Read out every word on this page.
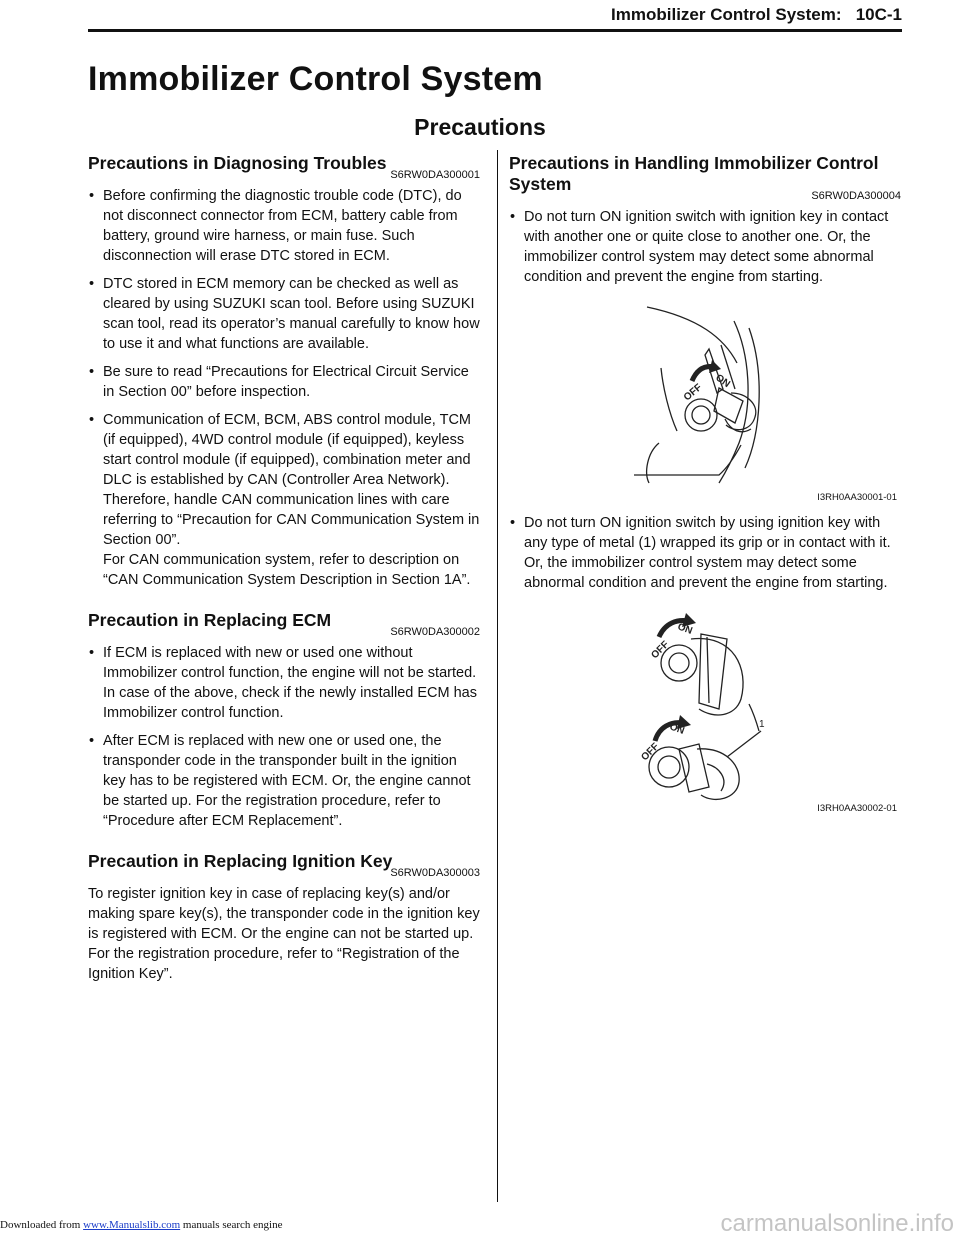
Immobilizer Control System: 10C-1
Immobilizer Control System
Precautions
Precautions in Diagnosing Troubles
S6RW0DA300001
• Before confirming the diagnostic trouble code (DTC), do not disconnect connector from ECM, battery cable from battery, ground wire harness, or main fuse. Such disconnection will erase DTC stored in ECM.
• DTC stored in ECM memory can be checked as well as cleared by using SUZUKI scan tool. Before using SUZUKI scan tool, read its operator’s manual carefully to know how to use it and what functions are available.
• Be sure to read “Precautions for Electrical Circuit Service in Section 00” before inspection.
• Communication of ECM, BCM, ABS control module, TCM (if equipped), 4WD control module (if equipped), keyless start control module (if equipped), combination meter and DLC is established by CAN (Controller Area Network). Therefore, handle CAN communication lines with care referring to “Precaution for CAN Communication System in Section 00”.
For CAN communication system, refer to description on “CAN Communication System Description in Section 1A”.
Precaution in Replacing ECM
S6RW0DA300002
• If ECM is replaced with new or used one without Immobilizer control function, the engine will not be started. In case of the above, check if the newly installed ECM has Immobilizer control function.
• After ECM is replaced with new one or used one, the transponder code in the transponder built in the ignition key has to be registered with ECM. Or, the engine cannot be started up. For the registration procedure, refer to “Procedure after ECM Replacement”.
Precaution in Replacing Ignition Key
S6RW0DA300003

To register ignition key in case of replacing key(s) and/or making spare key(s), the transponder code in the ignition key is registered with ECM. Or the engine can not be started up. For the registration procedure, refer to “Registration of the Ignition Key”.

Precautions in Handling Immobilizer Control System
S6RW0DA300004
• Do not turn ON ignition switch with ignition key in contact with another one or quite close to another one. Or, the immobilizer control system may detect some abnormal condition and prevent the engine from starting.
OFF
ON
I3RH0AA30001-01
• Do not turn ON ignition switch by using ignition key with any type of metal (1) wrapped its grip or in contact with it. Or, the immobilizer control system may detect some abnormal condition and prevent the engine from starting.
OFF
ON
OFF
ON	1
I3RH0AA30002-01
Downloaded from www.Manualslib.com manuals search engine	carmanualsonline.info
